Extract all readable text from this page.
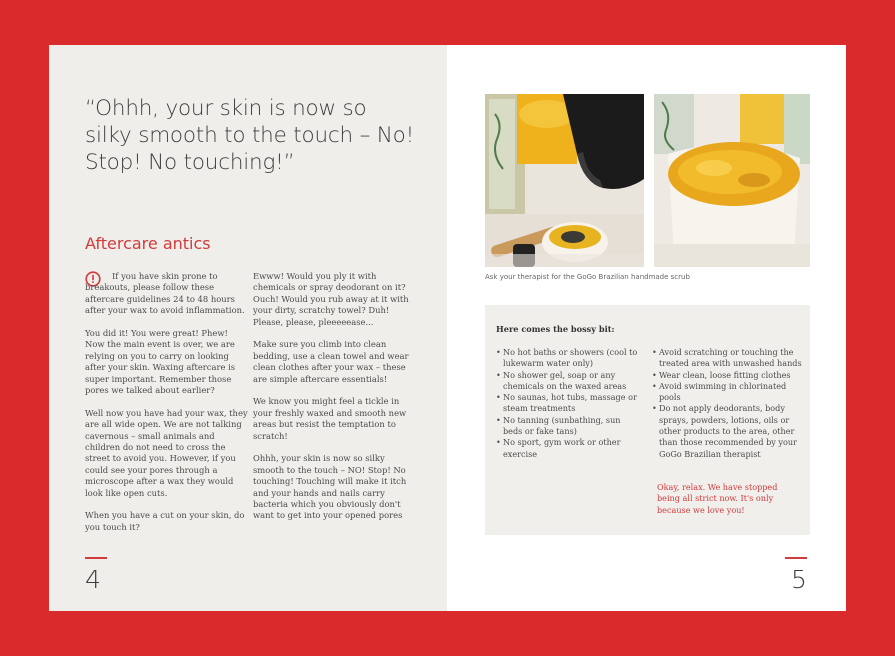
“Ohhh, your skin is now so silky smooth to the touch – No! Stop! No touching!”
Aftercare antics

If you have skin prone to breakouts, please follow these aftercare guidelines 24 to 48 hours after your wax to avoid inflammation.

You did it! You were great! Phew! Now the main event is over, we are relying on you to carry on looking after your skin. Waxing aftercare is super important. Remember those pores we talked about earlier?

Well now you have had your wax, they are all wide open. We are not talking cavernous – small animals and children do not need to cross the street to avoid you. However, if you could see your pores through a microscope after a wax they would look like open cuts.

When you have a cut on your skin, do you touch it?

Ewww! Would you ply it with chemicals or spray deodorant on it? Ouch! Would you rub away at it with your dirty, scratchy towel? Duh! Please, please, pleeeeease...

Make sure you climb into clean bedding, use a clean towel and wear clean clothes after your wax – these are simple aftercare essentials!

We know you might feel a tickle in your freshly waxed and smooth new areas but resist the temptation to scratch!

Ohhh, your skin is now so silky smooth to the touch – NO! Stop! No touching! Touching will make it itch and your hands and nails carry bacteria which you obviously don't want to get into your opened pores

4
Ask your therapist for the GoGo Brazilian handmade scrub
Here comes the bossy bit:
• No hot baths or showers (cool to lukewarm water only)
• No shower gel, soap or any chemicals on the waxed areas
• No saunas, hot tubs, massage or steam treatments
• No tanning (sunbathing, sun beds or fake tans)
• No sport, gym work or other exercise
• Avoid scratching or touching the treated area with unwashed hands
• Wear clean, loose fitting clothes
• Avoid swimming in chlorinated pools
• Do not apply deodorants, body sprays, powders, lotions, oils or other products to the area, other than those recommended by your GoGo Brazilian therapist
Okay, relax. We have stopped being all strict now. It's only because we love you!
5
